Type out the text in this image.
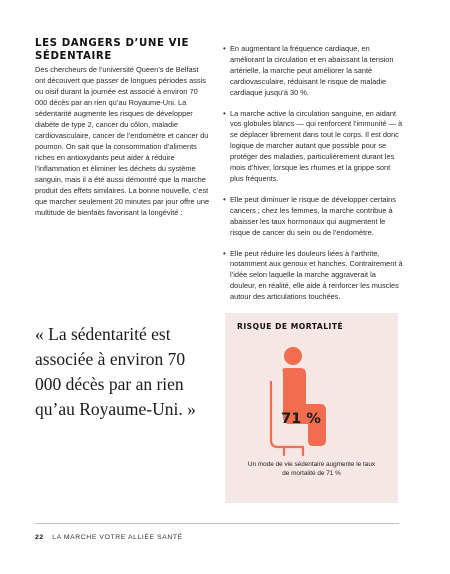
LES DANGERS D’UNE VIE
SÉDENTAIRE

Des chercheurs de l’université Queen’s de Belfast ont découvert que passer de longues périodes assis ou oisif durant la journée est associé à environ 70 000 décès par an rien qu’au Royaume-Uni. La sédentarité augmente les risques de développer diabète de type 2, cancer du côlon, maladie cardiovasculaire, cancer de l’endomètre et cancer du poumon. On sait que la consommation d’aliments riches en antioxydants peut aider à réduire l’inflammation et éliminer les déchets du système sanguin, mais il a été aussi démontré que la marche produit des effets similaires. La bonne nouvelle, c’est que marcher seulement 20 minutes par jour offre une multitude de bienfaits favorisant la longévité :

• En augmentant la fréquence cardiaque, en améliorant la circulation et en abaissant la tension artérielle, la marche peut améliorer la santé cardiovasculaire, réduisant le risque de maladie cardiaque jusqu’à 30 %.

• La marche active la circulation sanguine, en aidant vos globules blancs — qui renforcent l’immunité — à se déplacer librement dans tout le corps. Il est donc logique de marcher autant que possible pour se protéger des maladies, particulièrement durant les mois d’hiver, lorsque les rhumes et la grippe sont plus fréquents.

• Elle peut diminuer le risque de développer certains cancers ; chez les femmes, la marche contribue à abaisser les taux hormonaux qui augmentent le risque de cancer du sein ou de l’endomètre.

• Elle peut réduire les douleurs liées à l’arthrite, notamment aux genoux et hanches. Contrairement à l’idée selon laquelle la marche aggraverait la douleur, en réalité, elle aide à renforcer les muscles autour des articulations touchées.

« La sédentarité est associée à environ 70 000 décès par an rien qu’au Royaume-Uni. »

RISQUE DE MORTALITÉ
71 %
Un mode de vie sédentaire augmente le taux de mortalité de 71 %
22 LA MARCHE VOTRE ALLIÉE SANTÉ
